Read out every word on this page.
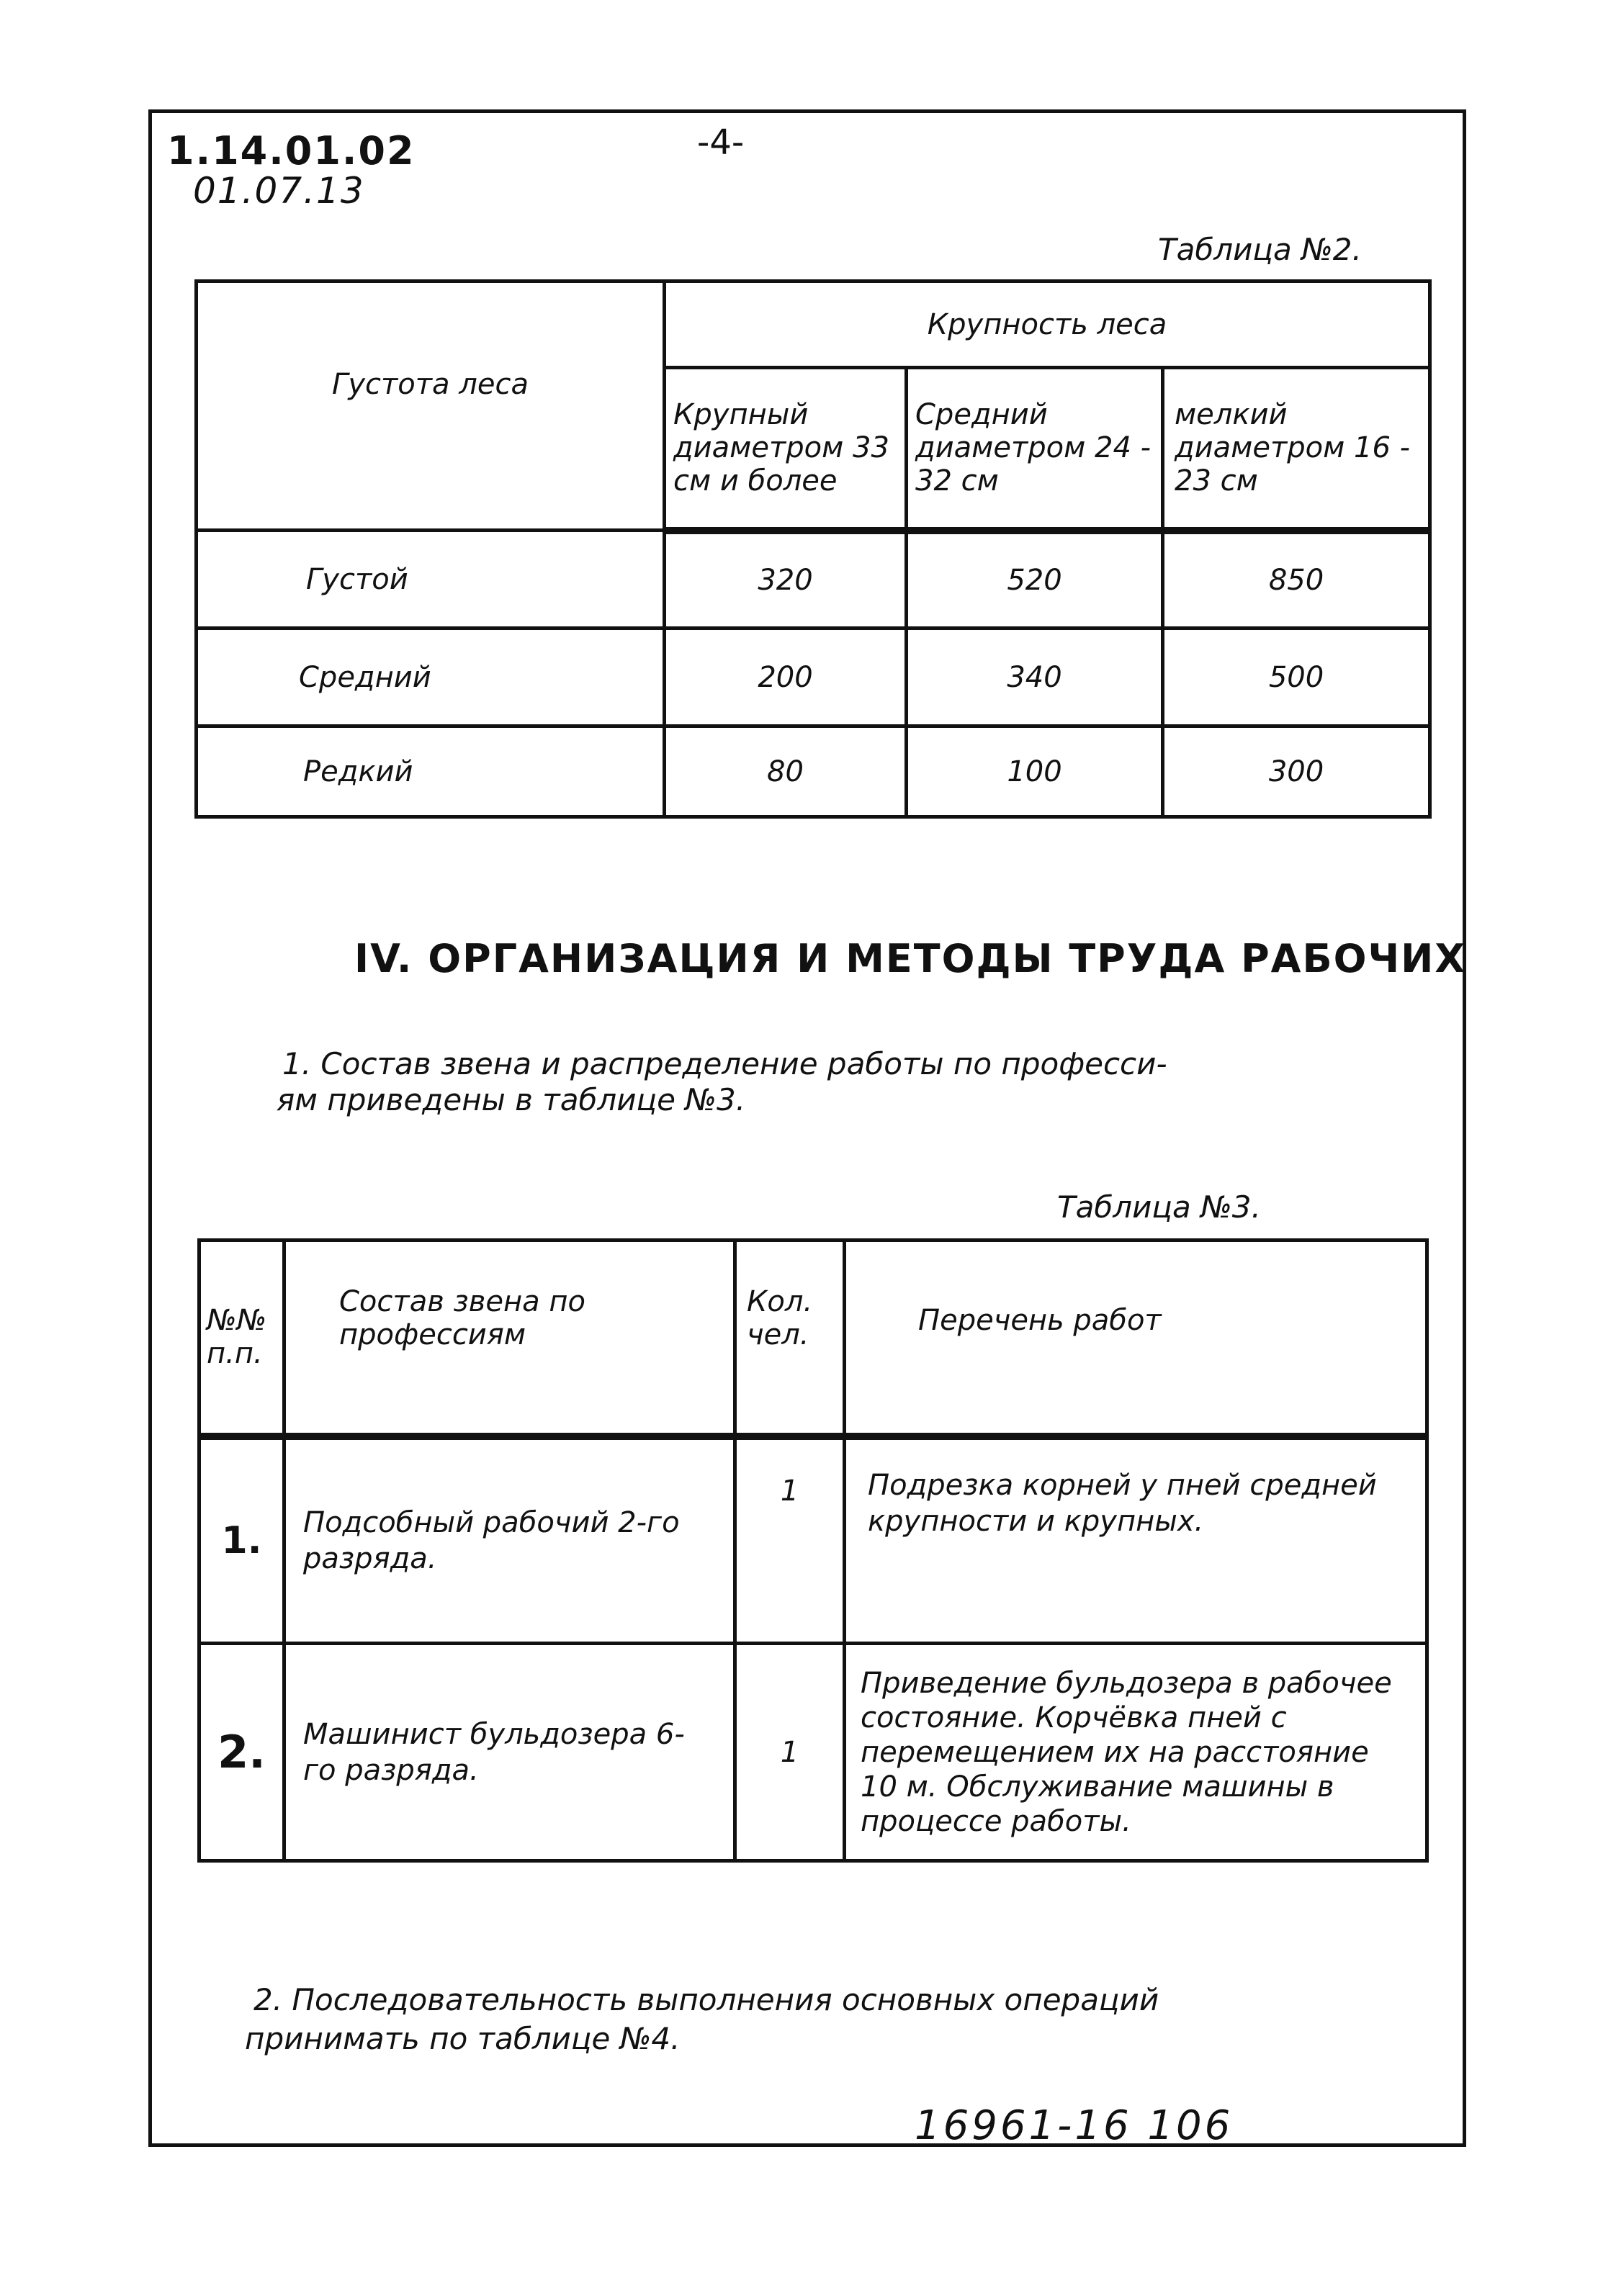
1.14.01.02
01.07.13
-4-
Таблица №2.
Густота леса	Крупность леса		
	Крупный диаметром 33 см и более	Средний диаметром 24 - 32 см	мелкий диаметром 16 - 23 см
Густой	320	520	850
Средний	200	340	500
Редкий	80	100	300
IV. ОРГАНИЗАЦИЯ И МЕТОДЫ ТРУДА РАБОЧИХ
1. Состав звена и распределение работы по професси-
ям приведены в таблице №3.
Таблица №3.
№№ п.п.	Состав звена по профессиям	Кол. чел.	Перечень работ
1.	Подсобный рабочий 2-го разряда.	1	Подрезка корней у пней средней крупности и крупных.
2.	Машинист бульдозера 6-го разряда.	1	Приведение бульдозера в рабочее состояние. Корчёвка пней с перемещением их на расстояние 10 м. Обслуживание машины в процессе работы.
2. Последовательность выполнения основных операций
принимать по таблице №4.
16961-16 106
